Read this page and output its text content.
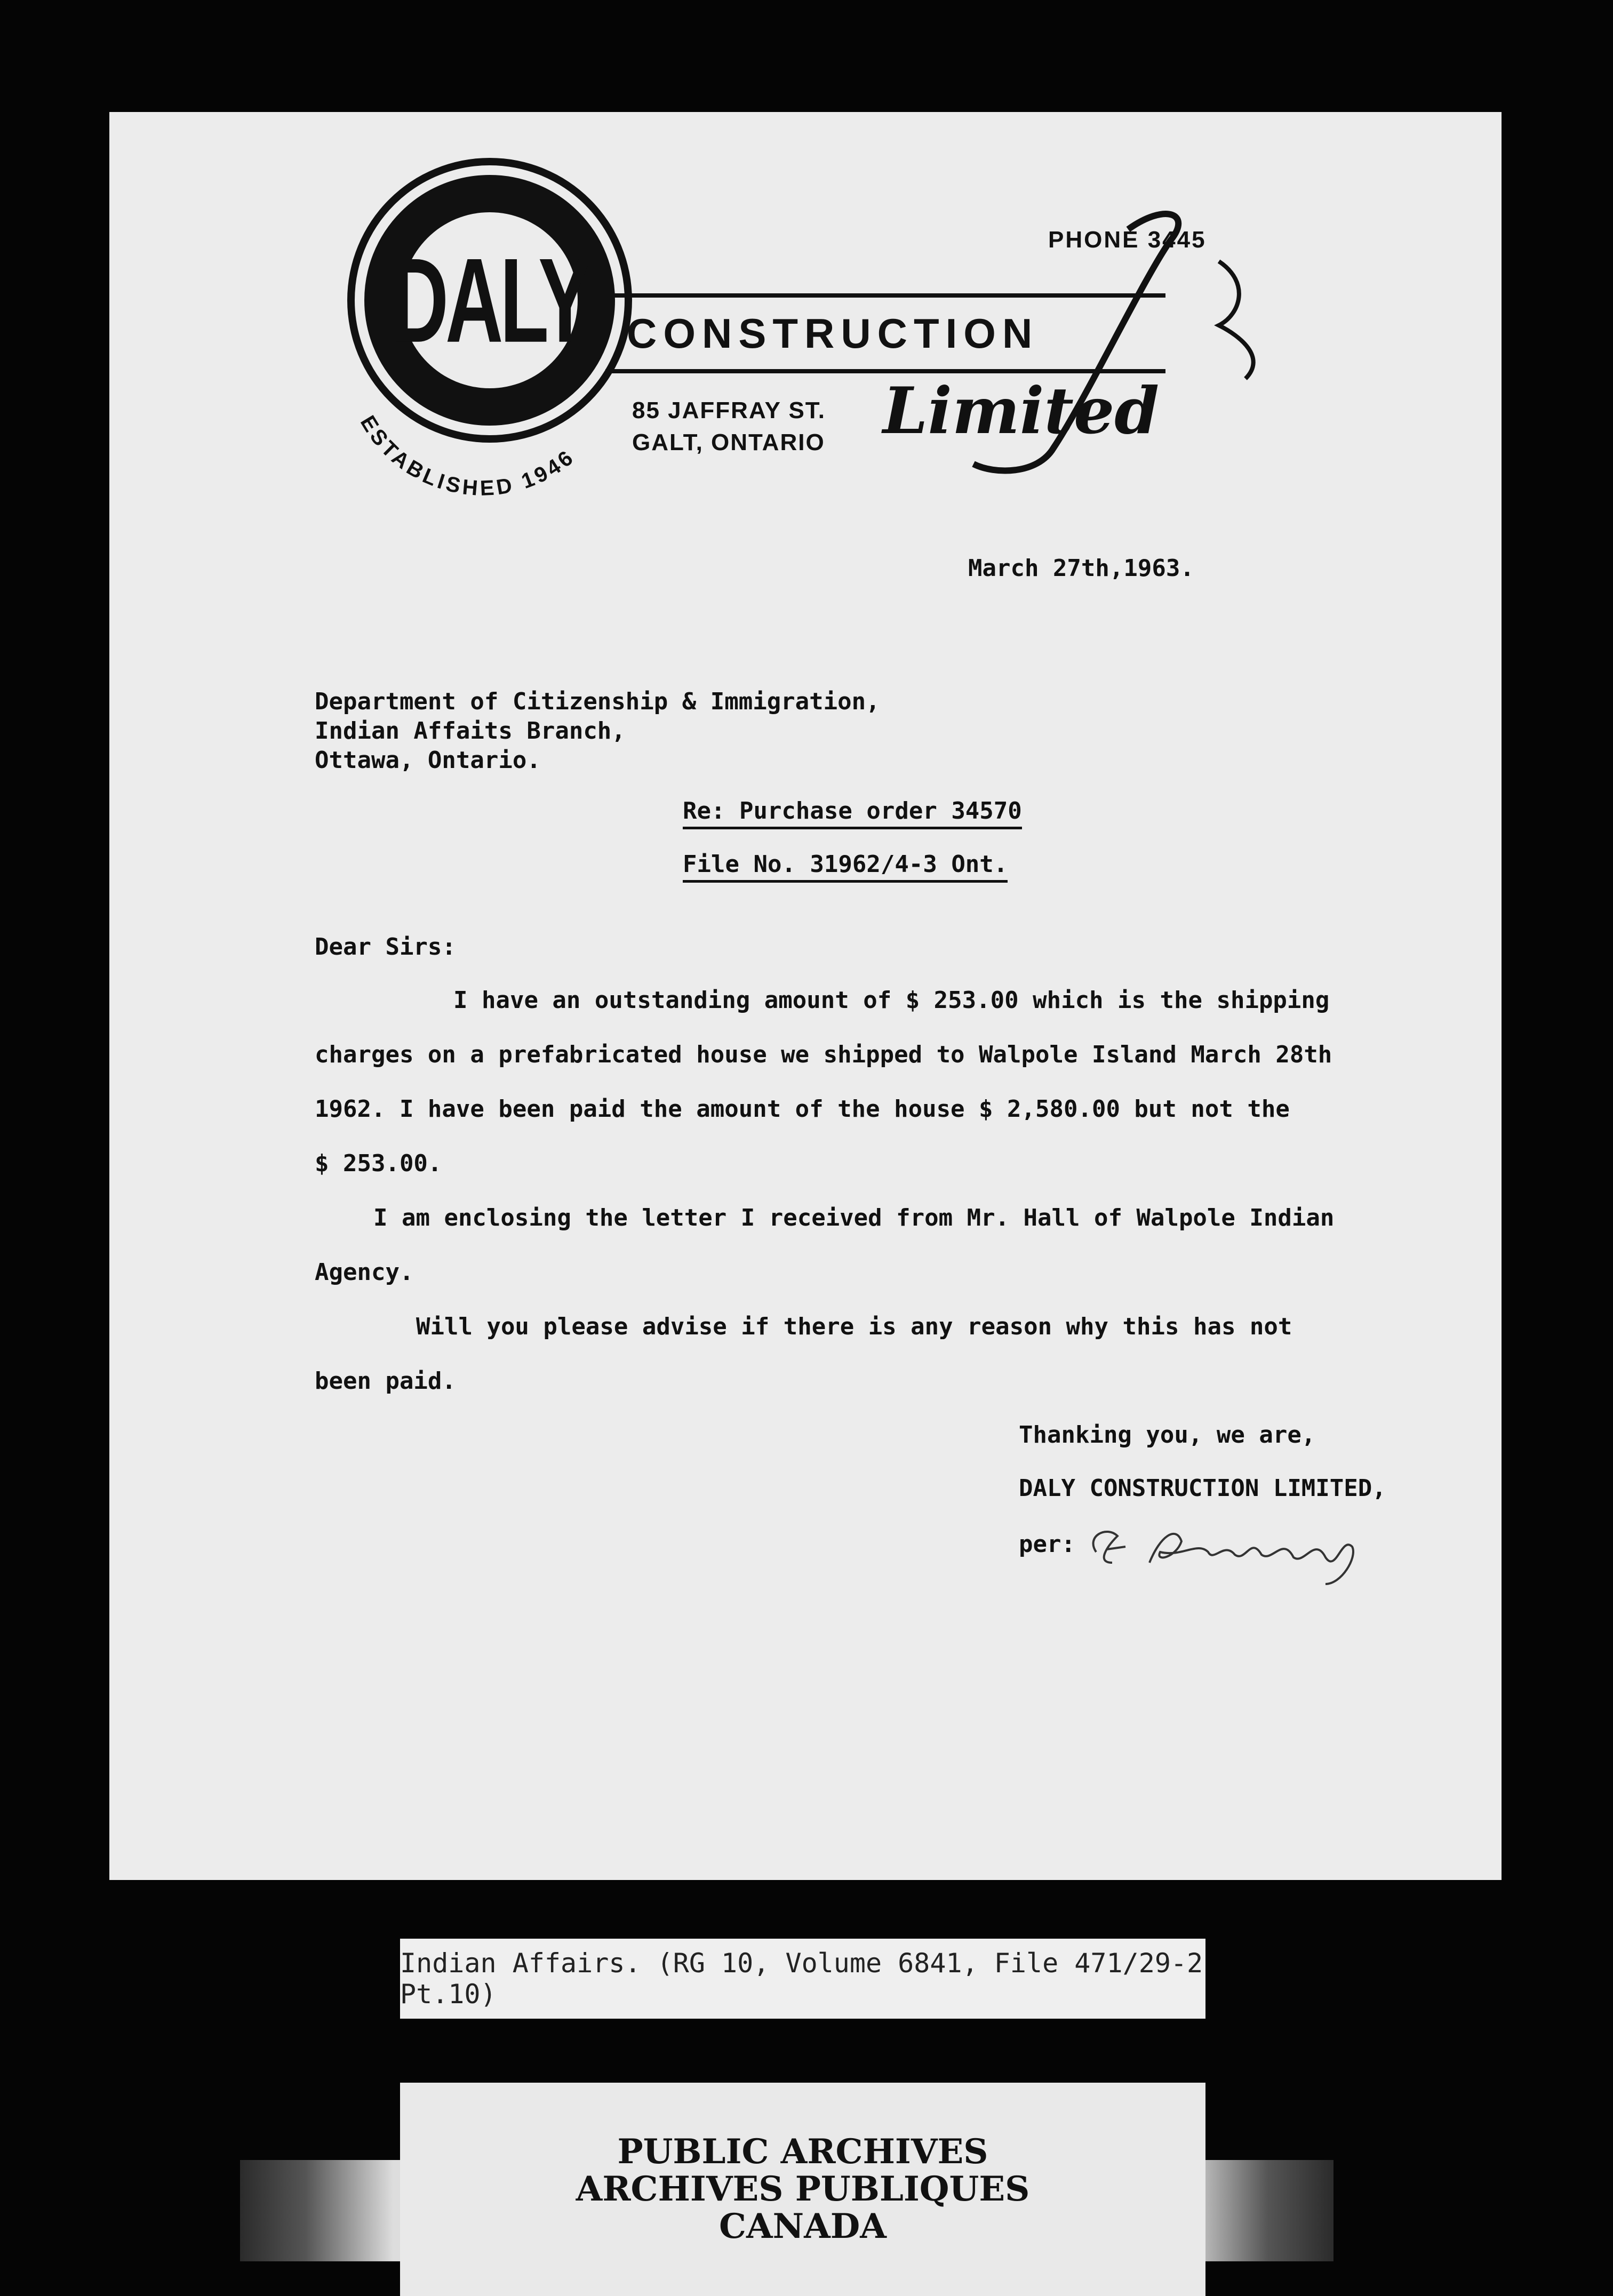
DALY
ESTABLISHED 1946
CONSTRUCTION
PHONE 3445
85 JAFFRAY ST.
GALT, ONTARIO Limited
March 27th,1963.
Department of Citizenship & Immigration,
Indian Affaits Branch,
Ottawa, Ontario.
Re: Purchase order 34570
File No. 31962/4-3 Ont.
Dear Sirs:
I have an outstanding amount of $ 253.00 which is the shipping
charges on a prefabricated house we shipped to Walpole Island March 28th
1962. I have been paid the amount of the house $ 2,580.00 but not the
$ 253.00.
I am enclosing the letter I received from Mr. Hall of Walpole Indian
Agency.
Will you please advise if there is any reason why this has not
been paid.
Thanking you, we are,
DALY CONSTRUCTION LIMITED,
per:
Indian Affairs. (RG 10, Volume 6841, File 471/29-2 Pt.10)
PUBLIC ARCHIVES
ARCHIVES PUBLIQUES
CANADA
